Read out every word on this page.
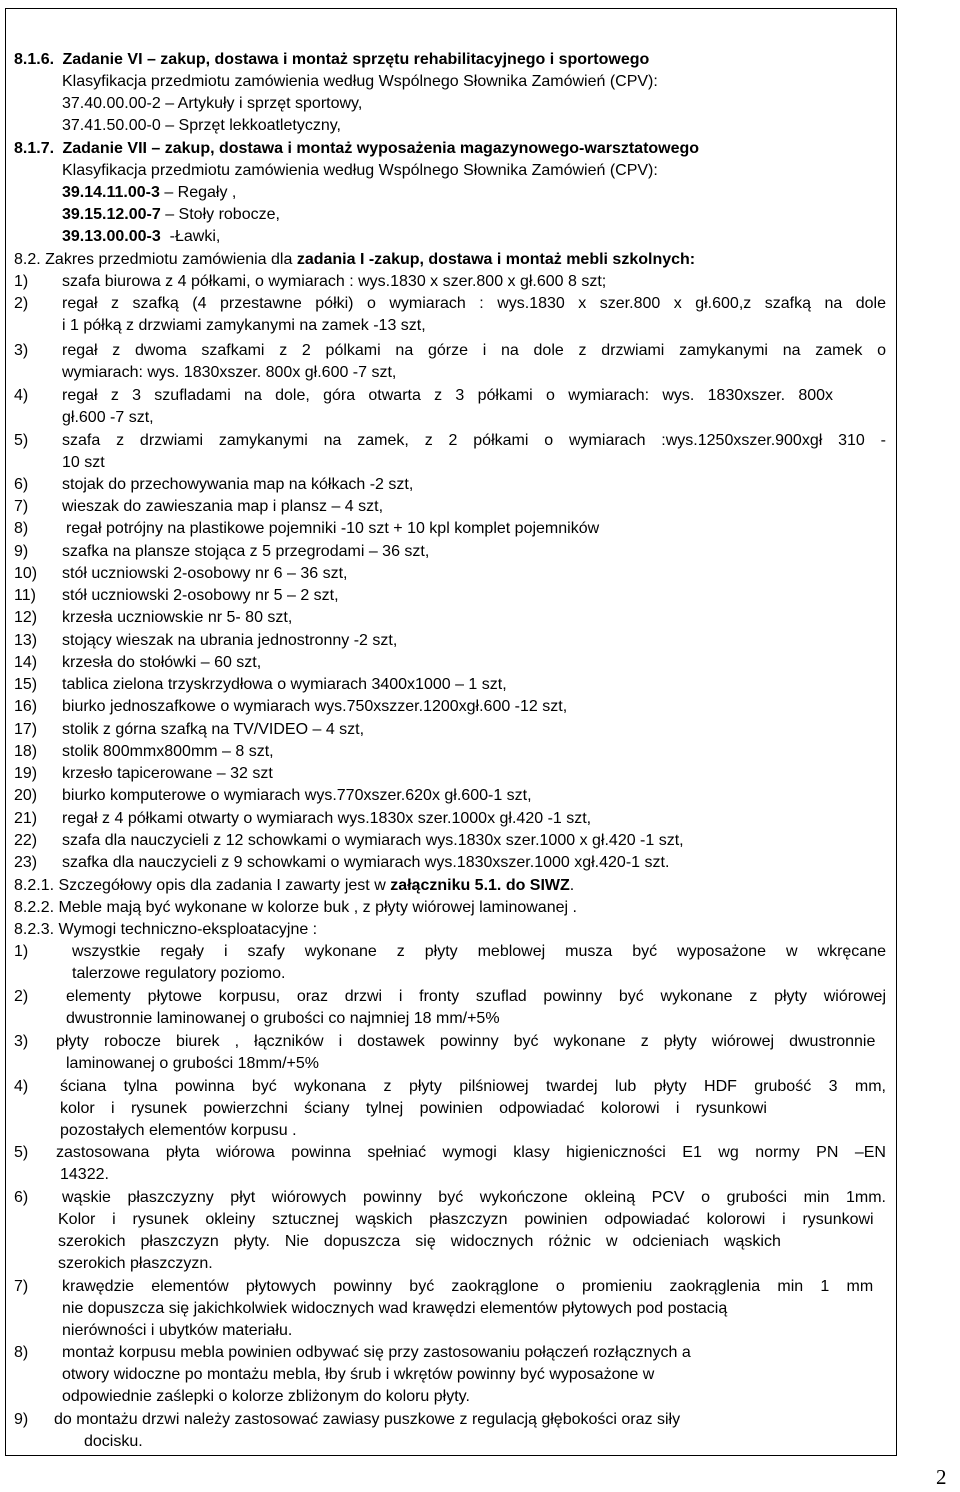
8.1.6. Zadanie VI – zakup, dostawa i montaż sprzętu rehabilitacyjnego i sportowego
Klasyfikacja przedmiotu zamówienia według Wspólnego Słownika Zamówień (CPV):
37.40.00.00-2 – Artykuły i sprzęt sportowy,
37.41.50.00-0 – Sprzęt lekkoatletyczny,
8.1.7. Zadanie VII – zakup, dostawa i montaż wyposażenia magazynowego-warsztatowego
Klasyfikacja przedmiotu zamówienia według Wspólnego Słownika Zamówień (CPV):
39.14.11.00-3 – Regały ,
39.15.12.00-7 – Stoły robocze,
39.13.00.00-3 -Ławki,
8.2. Zakres przedmiotu zamówienia dla zadania I -zakup, dostawa i montaż mebli szkolnych:
1) szafa biurowa z 4 półkami, o wymiarach : wys.1830 x szer.800 x gł.600 8 szt;
2) regał z szafką (4 przestawne półki) o wymiarach : wys.1830 x szer.800 x gł.600,z szafką na dole
i 1 półką z drzwiami zamykanymi na zamek -13 szt,
3) regał z dwoma szafkami z 2 pólkami na górze i na dole z drzwiami zamykanymi na zamek o
wymiarach: wys. 1830xszer. 800x gł.600 -7 szt,
4) regał z 3 szufladami na dole, góra otwarta z 3 półkami o wymiarach: wys. 1830xszer. 800x
gł.600 -7 szt,
5) szafa z drzwiami zamykanymi na zamek, z 2 półkami o wymiarach :wys.1250xszer.900xgł 310 -
10 szt
6) stojak do przechowywania map na kółkach -2 szt,
7) wieszak do zawieszania map i plansz – 4 szt,
8) regał potrójny na plastikowe pojemniki -10 szt + 10 kpl komplet pojemników
9) szafka na plansze stojąca z 5 przegrodami – 36 szt,
10) stół uczniowski 2-osobowy nr 6 – 36 szt,
11) stół uczniowski 2-osobowy nr 5 – 2 szt,
12) krzesła uczniowskie nr 5- 80 szt,
13) stojący wieszak na ubrania jednostronny -2 szt,
14) krzesła do stołówki – 60 szt,
15) tablica zielona trzyskrzydłowa o wymiarach 3400x1000 – 1 szt,
16) biurko jednoszafkowe o wymiarach wys.750xszzer.1200xgł.600 -12 szt,
17) stolik z górna szafką na TV/VIDEO – 4 szt,
18) stolik 800mmx800mm – 8 szt,
19) krzesło tapicerowane – 32 szt
20) biurko komputerowe o wymiarach wys.770xszer.620x gł.600-1 szt,
21) regał z 4 półkami otwarty o wymiarach wys.1830x szer.1000x gł.420 -1 szt,
22) szafa dla nauczycieli z 12 schowkami o wymiarach wys.1830x szer.1000 x gł.420 -1 szt,
23) szafka dla nauczycieli z 9 schowkami o wymiarach wys.1830xszer.1000 xgł.420-1 szt.
8.2.1. Szczegółowy opis dla zadania I zawarty jest w załączniku 5.1. do SIWZ.
8.2.2. Meble mają być wykonane w kolorze buk , z płyty wiórowej laminowanej .
8.2.3. Wymogi techniczno-eksploatacyjne :
1)	wszystkie regały i szafy wykonane z płyty meblowej musza być wyposażone w wkręcane
talerzowe regulatory poziomo.
2) elementy płytowe korpusu, oraz drzwi i fronty szuflad powinny być wykonane z płyty wiórowej
dwustronnie laminowanej o grubości co najmniej 18 mm/+5%
3) płyty robocze biurek , łączników i dostawek powinny być wykonane z płyty wiórowej dwustronnie
laminowanej o grubości 18mm/+5%
4) ściana tylna powinna być wykonana z płyty pilśniowej twardej lub płyty HDF grubość 3 mm,
kolor i rysunek powierzchni ściany tylnej powinien odpowiadać kolorowi i rysunkowi
pozostałych elementów korpusu .
5) zastosowana płyta wiórowa powinna spełniać wymogi klasy higieniczności E1 wg normy PN –EN
14322.
6) wąskie płaszczyzny płyt wiórowych powinny być wykończone okleiną PCV o grubości min 1mm.
Kolor i rysunek okleiny sztucznej wąskich płaszczyzn powinien odpowiadać kolorowi i rysunkowi
szerokich płaszczyzn płyty. Nie dopuszcza się widocznych różnic w odcieniach wąskich
szerokich płaszczyzn.
7) krawędzie elementów płytowych powinny być zaokrąglone o promieniu zaokrąglenia min 1 mm
nie dopuszcza się jakichkolwiek widocznych wad krawędzi elementów płytowych pod postacią
nierówności i ubytków materiału.
8) montaż korpusu mebla powinien odbywać się przy zastosowaniu połączeń rozłącznych a
otwory widoczne po montażu mebla, łby śrub i wkrętów powinny być wyposażone w
odpowiednie zaślepki o kolorze zbliżonym do koloru płyty.
9) do montażu drzwi należy zastosować zawiasy puszkowe z regulacją głębokości oraz siły
docisku.
2
